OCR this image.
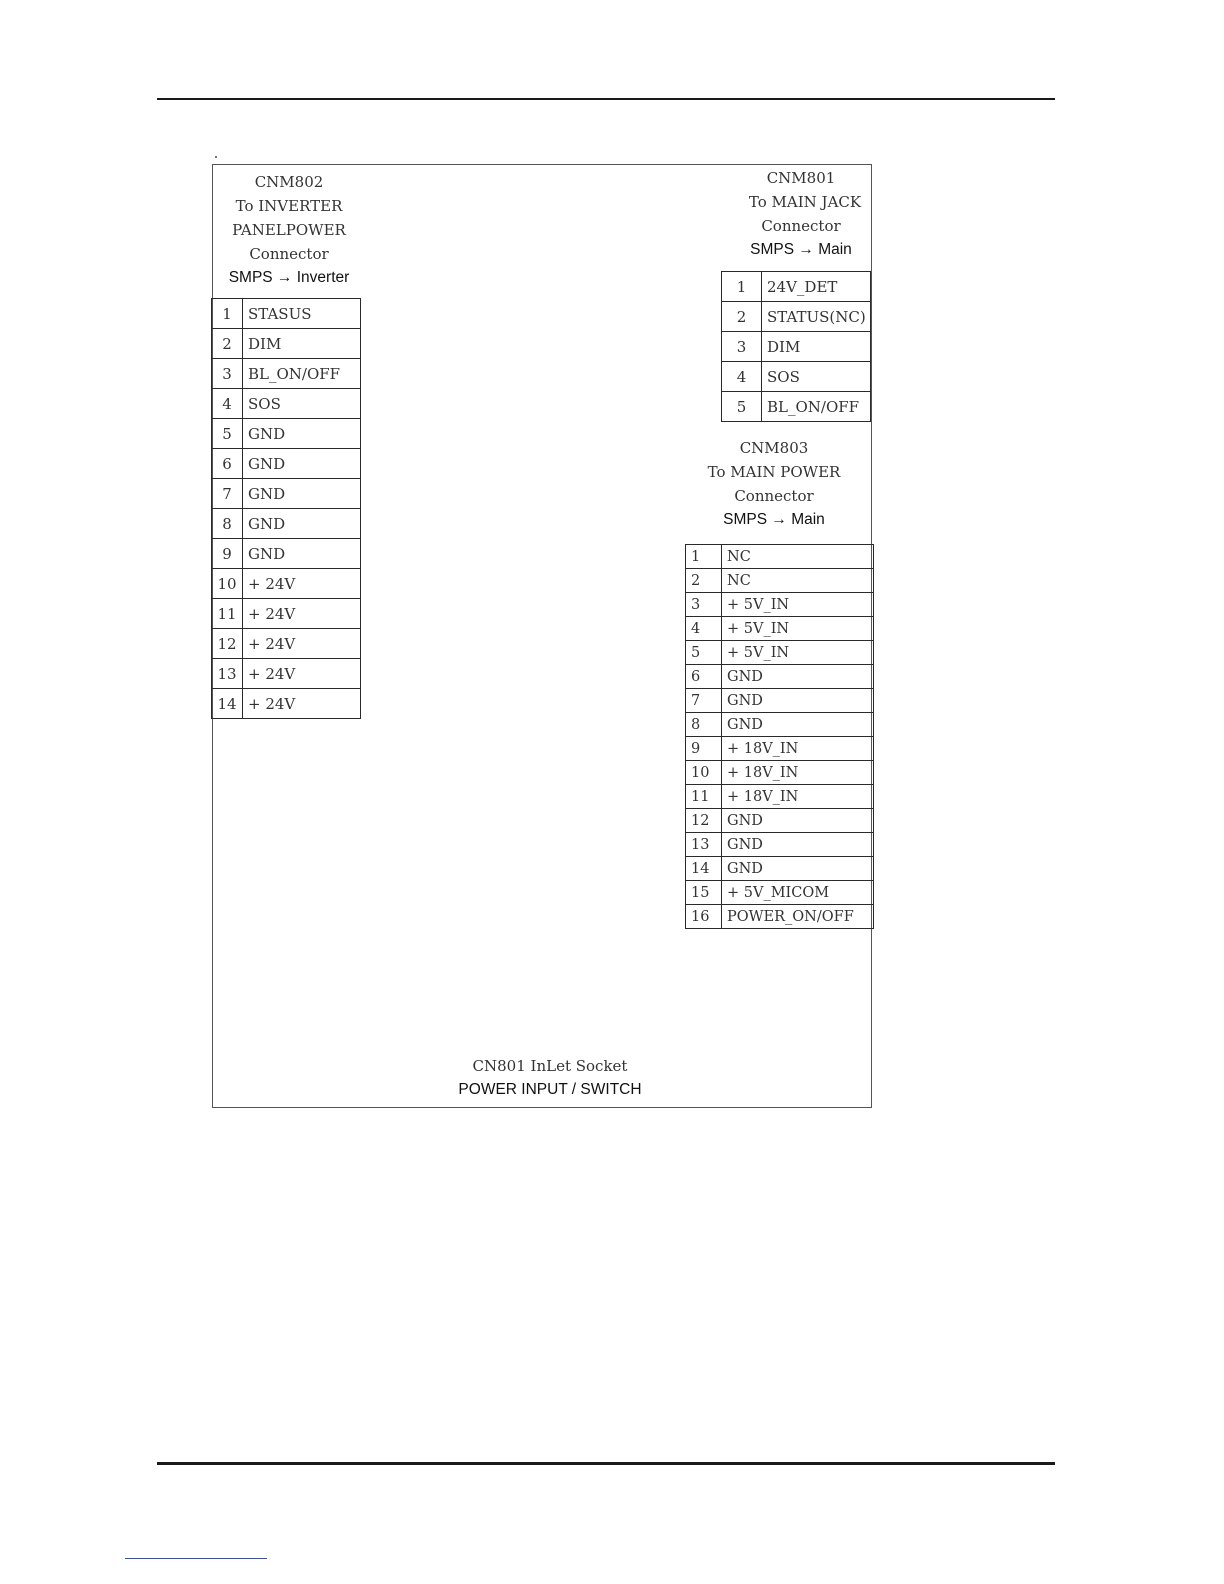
CNM802
To INVERTER
PANELPOWER
Connector
SMPS → Inverter
1	STASUS
2	DIM
3	BL_ON/OFF
4	SOS
5	GND
6	GND
7	GND
8	GND
9	GND
10	+ 24V
11	+ 24V
12	+ 24V
13	+ 24V
14	+ 24V
CNM801
To MAIN JACK
Connector
SMPS → Main
1	24V_DET
2	STATUS(NC)
3	DIM
4	SOS
5	BL_ON/OFF
CNM803
To MAIN POWER
Connector
SMPS → Main
1	NC
2	NC
3	+ 5V_IN
4	+ 5V_IN
5	+ 5V_IN
6	GND
7	GND
8	GND
9	+ 18V_IN
10	+ 18V_IN
11	+ 18V_IN
12	GND
13	GND
14	GND
15	+ 5V_MICOM
16	POWER_ON/OFF
CN801 InLet Socket
POWER INPUT / SWITCH
